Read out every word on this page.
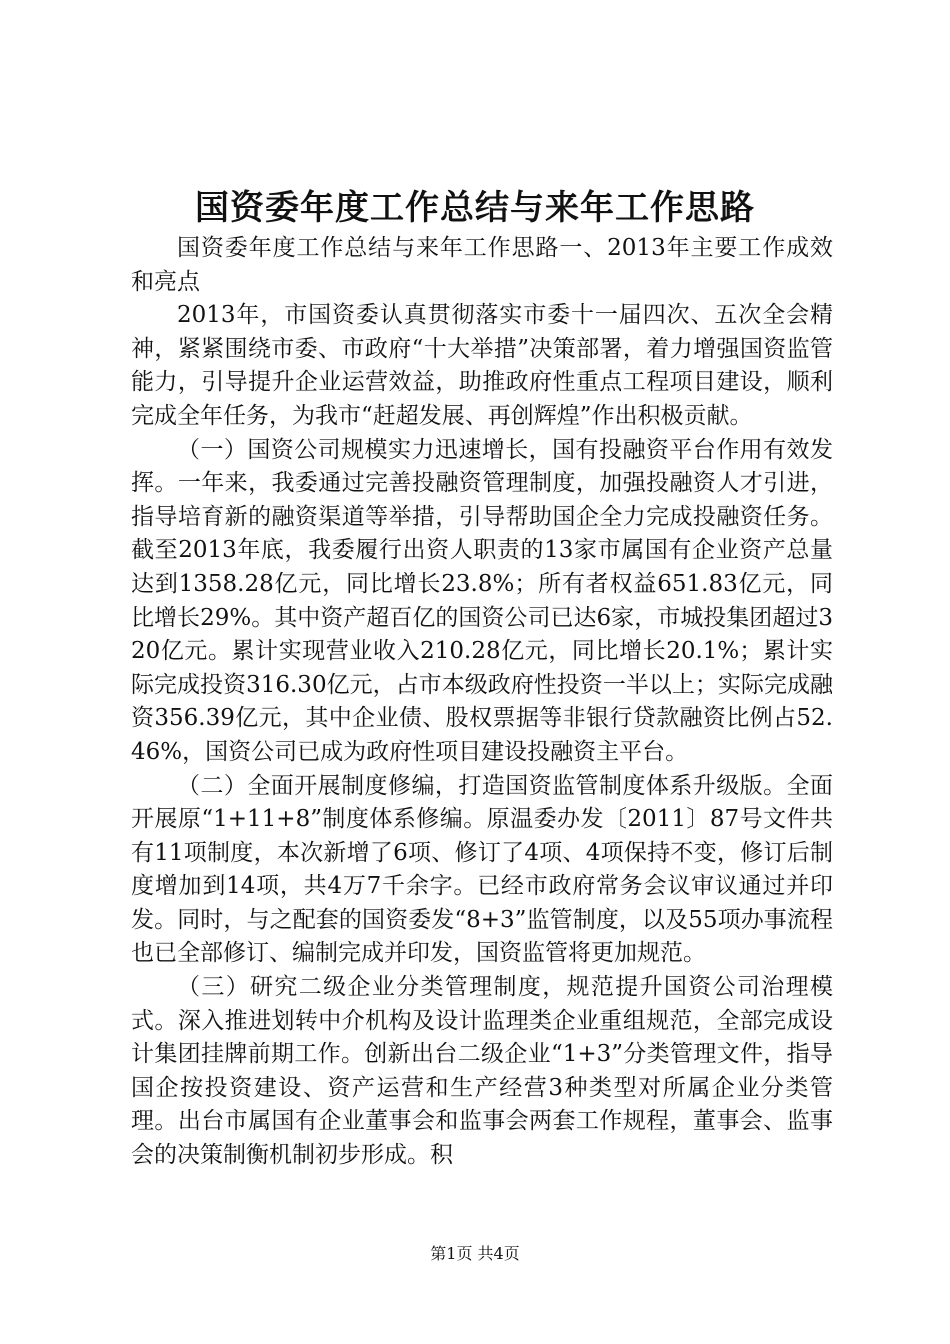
国资委年度工作总结与来年工作思路

国资委年度工作总结与来年工作思路一、2013年主要工作成效和亮点

2013年，市国资委认真贯彻落实市委十一届四次、五次全会精神，紧紧围绕市委、市政府“十大举措”决策部署，着力增强国资监管能力，引导提升企业运营效益，助推政府性重点工程项目建设，顺利完成全年任务，为我市“赶超发展、再创辉煌”作出积极贡献。

（一）国资公司规模实力迅速增长，国有投融资平台作用有效发挥。一年来，我委通过完善投融资管理制度，加强投融资人才引进，指导培育新的融资渠道等举措，引导帮助国企全力完成投融资任务。截至2013年底，我委履行出资人职责的13家市属国有企业资产总量达到1358.28亿元，同比增长23.8%；所有者权益651.83亿元，同比增长29%。其中资产超百亿的国资公司已达6家，市城投集团超过320亿元。累计实现营业收入210.28亿元，同比增长20.1%；累计实际完成投资316.30亿元，占市本级政府性投资一半以上；实际完成融资356.39亿元，其中企业债、股权票据等非银行贷款融资比例占52.46%，国资公司已成为政府性项目建设投融资主平台。

（二）全面开展制度修编，打造国资监管制度体系升级版。全面开展原“1+11+8”制度体系修编。原温委办发〔2011〕87号文件共有11项制度，本次新增了6项、修订了4项、4项保持不变，修订后制度增加到14项，共4万7千余字。已经市政府常务会议审议通过并印发。同时，与之配套的国资委发“8+3”监管制度，以及55项办事流程也已全部修订、编制完成并印发，国资监管将更加规范。

（三）研究二级企业分类管理制度，规范提升国资公司治理模式。深入推进划转中介机构及设计监理类企业重组规范，全部完成设计集团挂牌前期工作。创新出台二级企业“1+3”分类管理文件，指导国企按投资建设、资产运营和生产经营3种类型对所属企业分类管理。出台市属国有企业董事会和监事会两套工作规程，董事会、监事会的决策制衡机制初步形成。积

第1页 共4页
